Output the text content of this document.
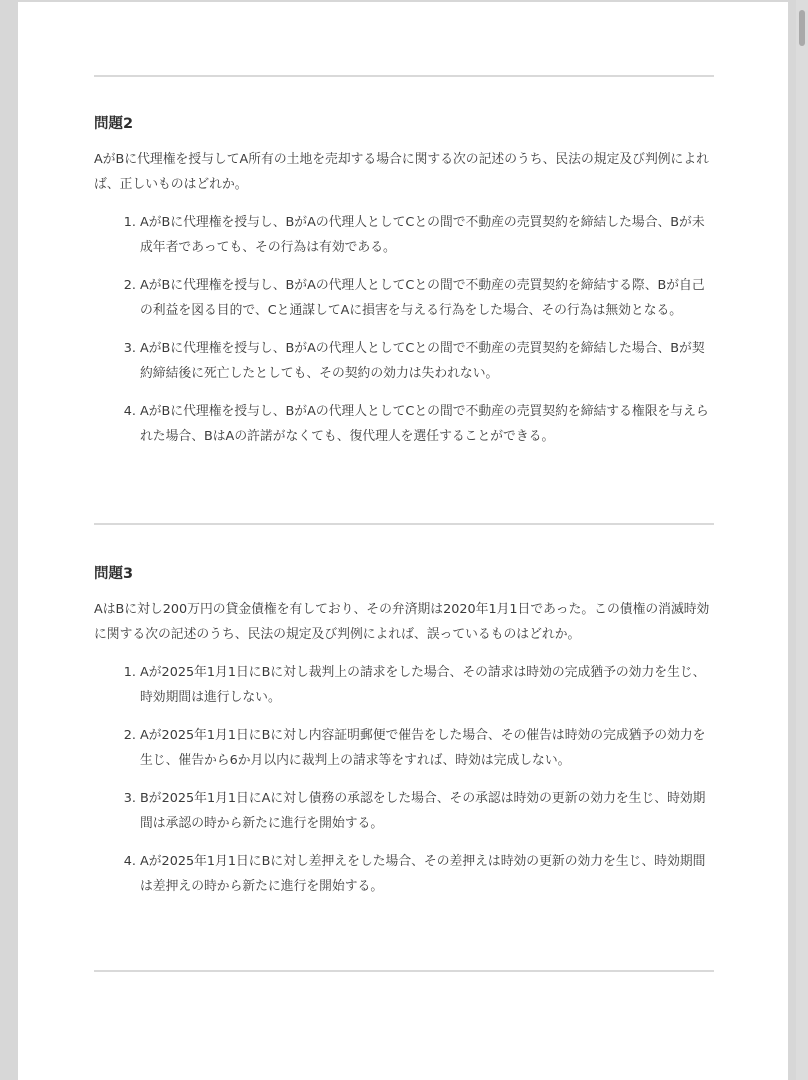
問題2

AがBに代理権を授与してA所有の土地を売却する場合に関する次の記述のうち、民法の規定及び判例によれば、正しいものはどれか。

1. AがBに代理権を授与し、BがAの代理人としてCとの間で不動産の売買契約を締結した場合、Bが未成年者であっても、その行為は有効である。
2. AがBに代理権を授与し、BがAの代理人としてCとの間で不動産の売買契約を締結する際、Bが自己の利益を図る目的で、Cと通謀してAに損害を与える行為をした場合、その行為は無効となる。
3. AがBに代理権を授与し、BがAの代理人としてCとの間で不動産の売買契約を締結した場合、Bが契約締結後に死亡したとしても、その契約の効力は失われない。
4. AがBに代理権を授与し、BがAの代理人としてCとの間で不動産の売買契約を締結する権限を与えられた場合、BはAの許諾がなくても、復代理人を選任することができる。

問題3

AはBに対し200万円の貸金債権を有しており、その弁済期は2020年1月1日であった。この債権の消滅時効に関する次の記述のうち、民法の規定及び判例によれば、誤っているものはどれか。

1. Aが2025年1月1日にBに対し裁判上の請求をした場合、その請求は時効の完成猶予の効力を生じ、時効期間は進行しない。
2. Aが2025年1月1日にBに対し内容証明郵便で催告をした場合、その催告は時効の完成猶予の効力を生じ、催告から6か月以内に裁判上の請求等をすれば、時効は完成しない。
3. Bが2025年1月1日にAに対し債務の承認をした場合、その承認は時効の更新の効力を生じ、時効期間は承認の時から新たに進行を開始する。
4. Aが2025年1月1日にBに対し差押えをした場合、その差押えは時効の更新の効力を生じ、時効期間は差押えの時から新たに進行を開始する。
